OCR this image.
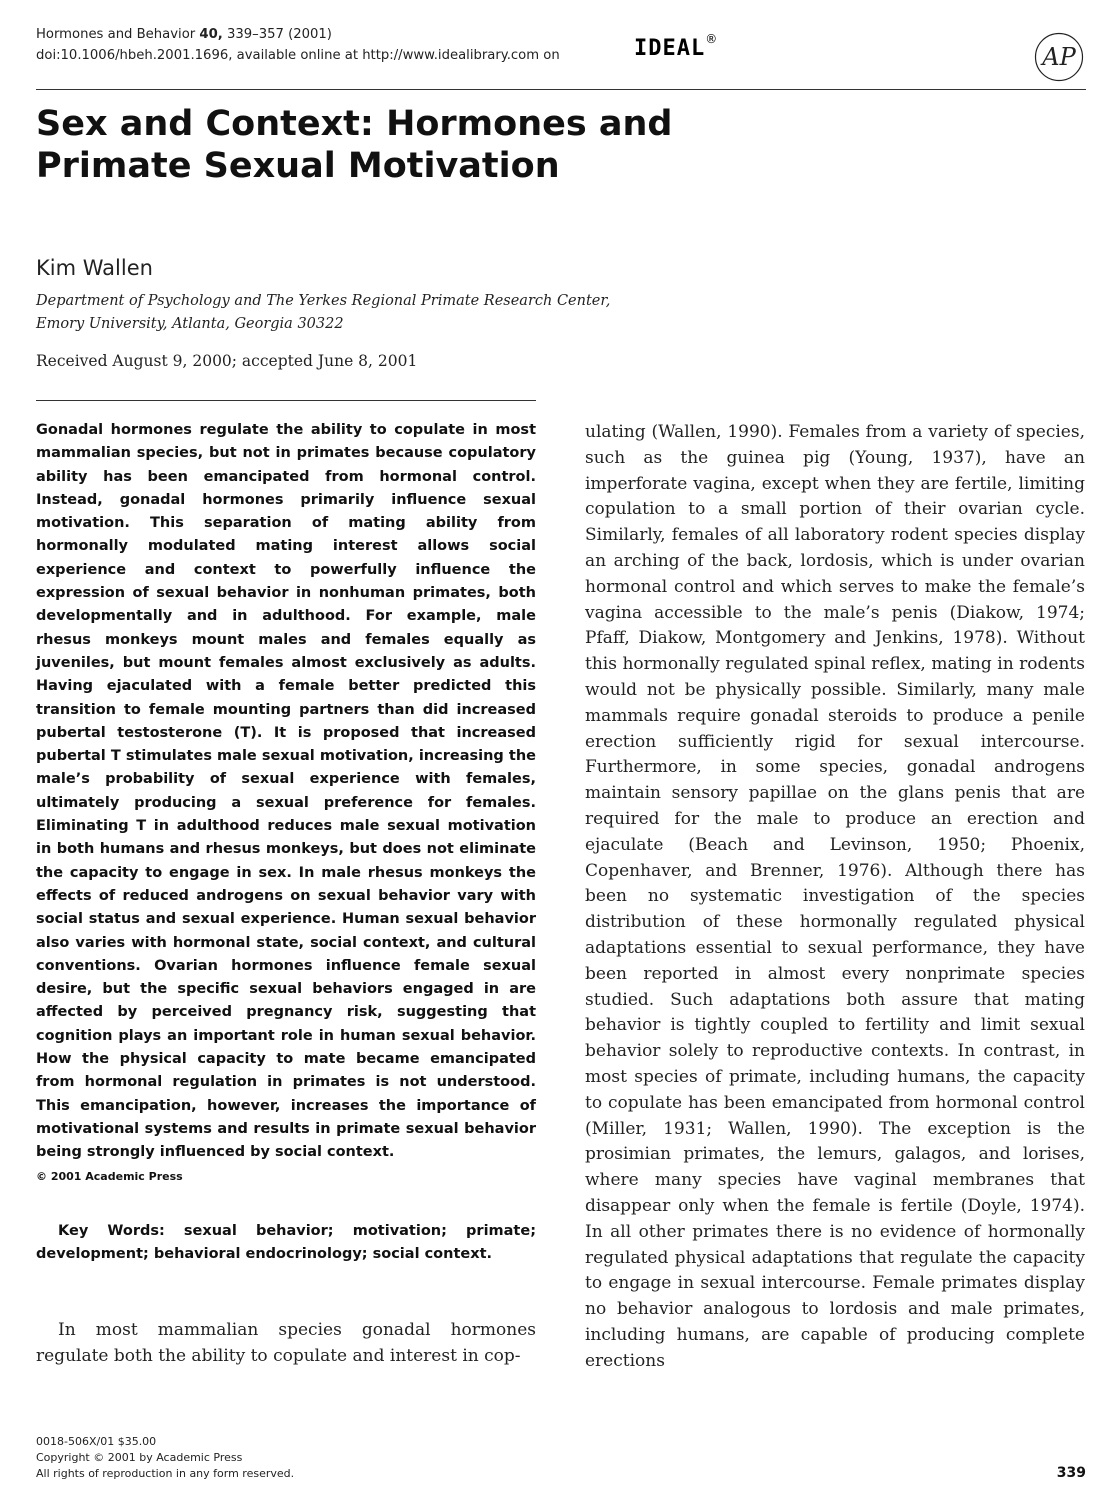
Hormones and Behavior 40, 339–357 (2001)
doi:10.1006/hbeh.2001.1696, available online at http://www.idealibrary.com on	IDEAL®
AP
Sex and Context: Hormones and Primate Sexual Motivation
Kim Wallen
Department of Psychology and The Yerkes Regional Primate Research Center,
Emory University, Atlanta, Georgia 30322
Received August 9, 2000; accepted June 8, 2001

Gonadal hormones regulate the ability to copulate in most mammalian species, but not in primates because copulatory ability has been emancipated from hormonal control. Instead, gonadal hormones primarily influence sexual motivation. This separation of mating ability from hormonally modulated mating interest allows social experience and context to powerfully influence the expression of sexual behavior in nonhuman primates, both developmentally and in adulthood. For example, male rhesus monkeys mount males and females equally as juveniles, but mount females almost exclusively as adults. Having ejaculated with a female better predicted this transition to female mounting partners than did increased pubertal testosterone (T). It is proposed that increased pubertal T stimulates male sexual motivation, increasing the male’s probability of sexual experience with females, ultimately producing a sexual preference for females. Eliminating T in adulthood reduces male sexual motivation in both humans and rhesus monkeys, but does not eliminate the capacity to engage in sex. In male rhesus monkeys the effects of reduced androgens on sexual behavior vary with social status and sexual experience. Human sexual behavior also varies with hormonal state, social context, and cultural conventions. Ovarian hormones influence female sexual desire, but the specific sexual behaviors engaged in are affected by perceived pregnancy risk, suggesting that cognition plays an important role in human sexual behavior. How the physical capacity to mate became emancipated from hormonal regulation in primates is not understood. This emancipation, however, increases the importance of motivational systems and results in primate sexual behavior being strongly influenced by social context.
© 2001 Academic Press

Key Words: sexual behavior; motivation; primate; development; behavioral endocrinology; social context.

In most mammalian species gonadal hormones regulate both the ability to copulate and interest in cop-

ulating (Wallen, 1990). Females from a variety of species, such as the guinea pig (Young, 1937), have an imperforate vagina, except when they are fertile, limiting copulation to a small portion of their ovarian cycle. Similarly, females of all laboratory rodent species display an arching of the back, lordosis, which is under ovarian hormonal control and which serves to make the female’s vagina accessible to the male’s penis (Diakow, 1974; Pfaff, Diakow, Montgomery and Jenkins, 1978). Without this hormonally regulated spinal reflex, mating in rodents would not be physically possible. Similarly, many male mammals require gonadal steroids to produce a penile erection sufficiently rigid for sexual intercourse. Furthermore, in some species, gonadal androgens maintain sensory papillae on the glans penis that are required for the male to produce an erection and ejaculate (Beach and Levinson, 1950; Phoenix, Copenhaver, and Brenner, 1976). Although there has been no systematic investigation of the species distribution of these hormonally regulated physical adaptations essential to sexual performance, they have been reported in almost every nonprimate species studied. Such adaptations both assure that mating behavior is tightly coupled to fertility and limit sexual behavior solely to reproductive contexts. In contrast, in most species of primate, including humans, the capacity to copulate has been emancipated from hormonal control (Miller, 1931; Wallen, 1990). The exception is the prosimian primates, the lemurs, galagos, and lorises, where many species have vaginal membranes that disappear only when the female is fertile (Doyle, 1974). In all other primates there is no evidence of hormonally regulated physical adaptations that regulate the capacity to engage in sexual intercourse. Female primates display no behavior analogous to lordosis and male primates, including humans, are capable of producing complete erections

0018-506X/01 $35.00
Copyright © 2001 by Academic Press
All rights of reproduction in any form reserved.	339
